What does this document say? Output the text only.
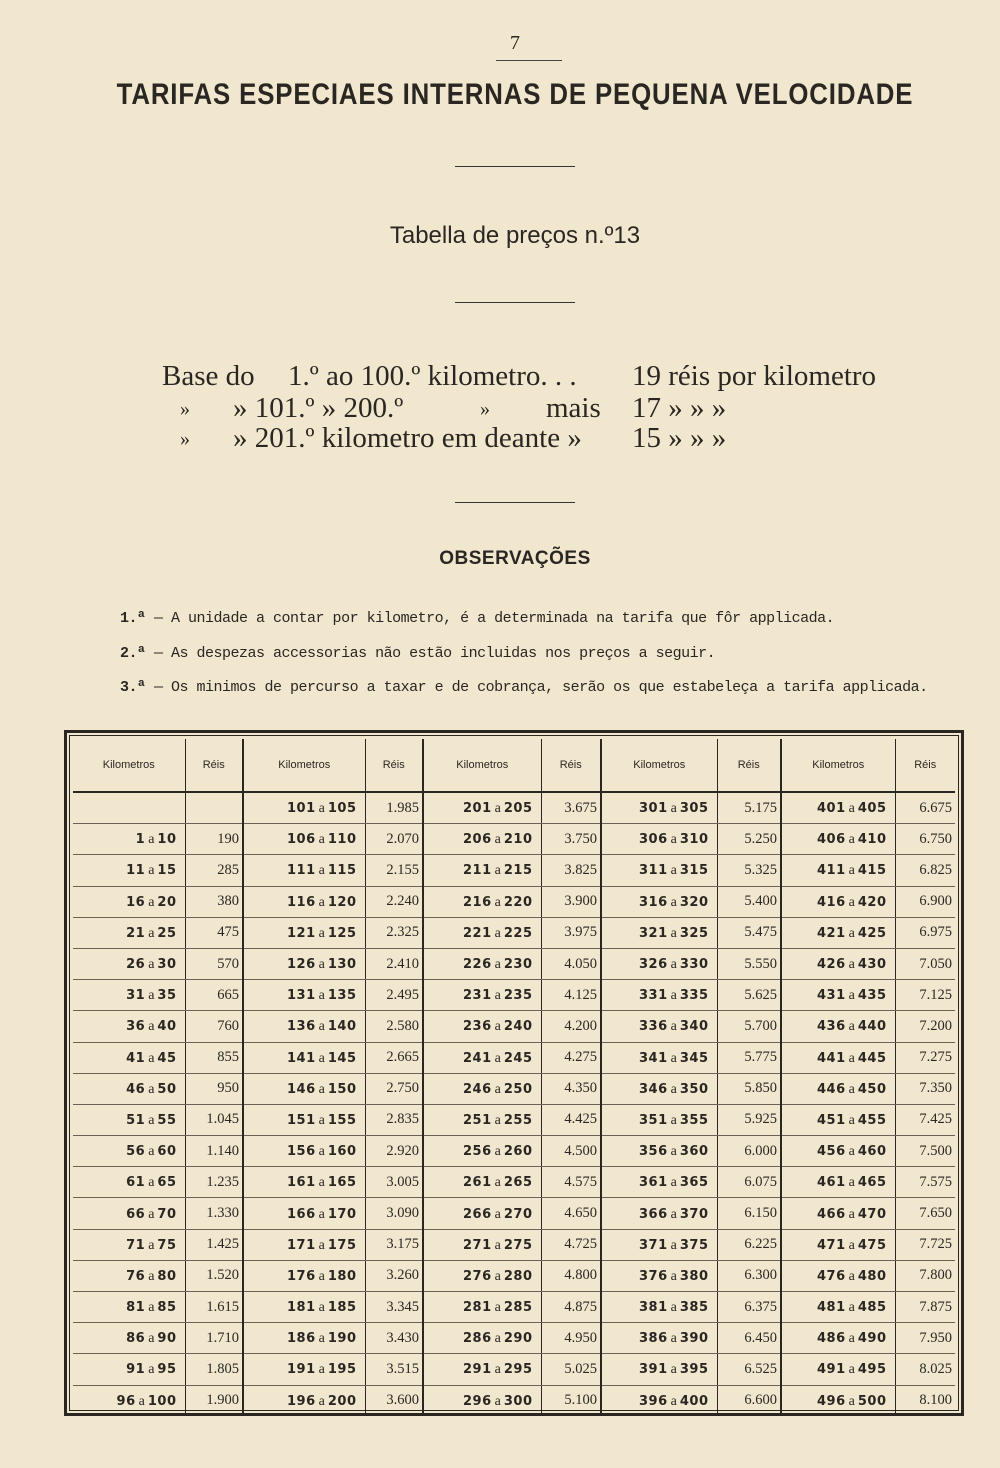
7
TARIFAS ESPECIAES INTERNAS DE PEQUENA VELOCIDADE
Tabella de preços n.º13
Base do 1.º ao 100.º kilometro. . . 19 réis por kilometro
» » 101.º » 200.º	» mais 17 » » »
» » 201.º kilometro em deante » 15 » » »
OBSERVAÇÕES
1.ª — A unidade a contar por kilometro, é a determinada na tarifa que fôr applicada.
2.ª — As despezas accessorias não estão incluidas nos preços a seguir.
3.ª — Os minimos de percurso a taxar e de cobrança, serão os que estabeleça a tarifa applicada.
Kilometros	Réis	Kilometros	Réis	Kilometros	Réis	Kilometros	Réis	Kilometros	Réis
		101 a 105	1.985	201 a 205	3.675	301 a 305	5.175	401 a 405	6.675
1 a 10	190	106 a 110	2.070	206 a 210	3.750	306 a 310	5.250	406 a 410	6.750
11 a 15	285	111 a 115	2.155	211 a 215	3.825	311 a 315	5.325	411 a 415	6.825
16 a 20	380	116 a 120	2.240	216 a 220	3.900	316 a 320	5.400	416 a 420	6.900
21 a 25	475	121 a 125	2.325	221 a 225	3.975	321 a 325	5.475	421 a 425	6.975
26 a 30	570	126 a 130	2.410	226 a 230	4.050	326 a 330	5.550	426 a 430	7.050
31 a 35	665	131 a 135	2.495	231 a 235	4.125	331 a 335	5.625	431 a 435	7.125
36 a 40	760	136 a 140	2.580	236 a 240	4.200	336 a 340	5.700	436 a 440	7.200
41 a 45	855	141 a 145	2.665	241 a 245	4.275	341 a 345	5.775	441 a 445	7.275
46 a 50	950	146 a 150	2.750	246 a 250	4.350	346 a 350	5.850	446 a 450	7.350
51 a 55	1.045	151 a 155	2.835	251 a 255	4.425	351 a 355	5.925	451 a 455	7.425
56 a 60	1.140	156 a 160	2.920	256 a 260	4.500	356 a 360	6.000	456 a 460	7.500
61 a 65	1.235	161 a 165	3.005	261 a 265	4.575	361 a 365	6.075	461 a 465	7.575
66 a 70	1.330	166 a 170	3.090	266 a 270	4.650	366 a 370	6.150	466 a 470	7.650
71 a 75	1.425	171 a 175	3.175	271 a 275	4.725	371 a 375	6.225	471 a 475	7.725
76 a 80	1.520	176 a 180	3.260	276 a 280	4.800	376 a 380	6.300	476 a 480	7.800
81 a 85	1.615	181 a 185	3.345	281 a 285	4.875	381 a 385	6.375	481 a 485	7.875
86 a 90	1.710	186 a 190	3.430	286 a 290	4.950	386 a 390	6.450	486 a 490	7.950
91 a 95	1.805	191 a 195	3.515	291 a 295	5.025	391 a 395	6.525	491 a 495	8.025
96 a 100	1.900	196 a 200	3.600	296 a 300	5.100	396 a 400	6.600	496 a 500	8.100
